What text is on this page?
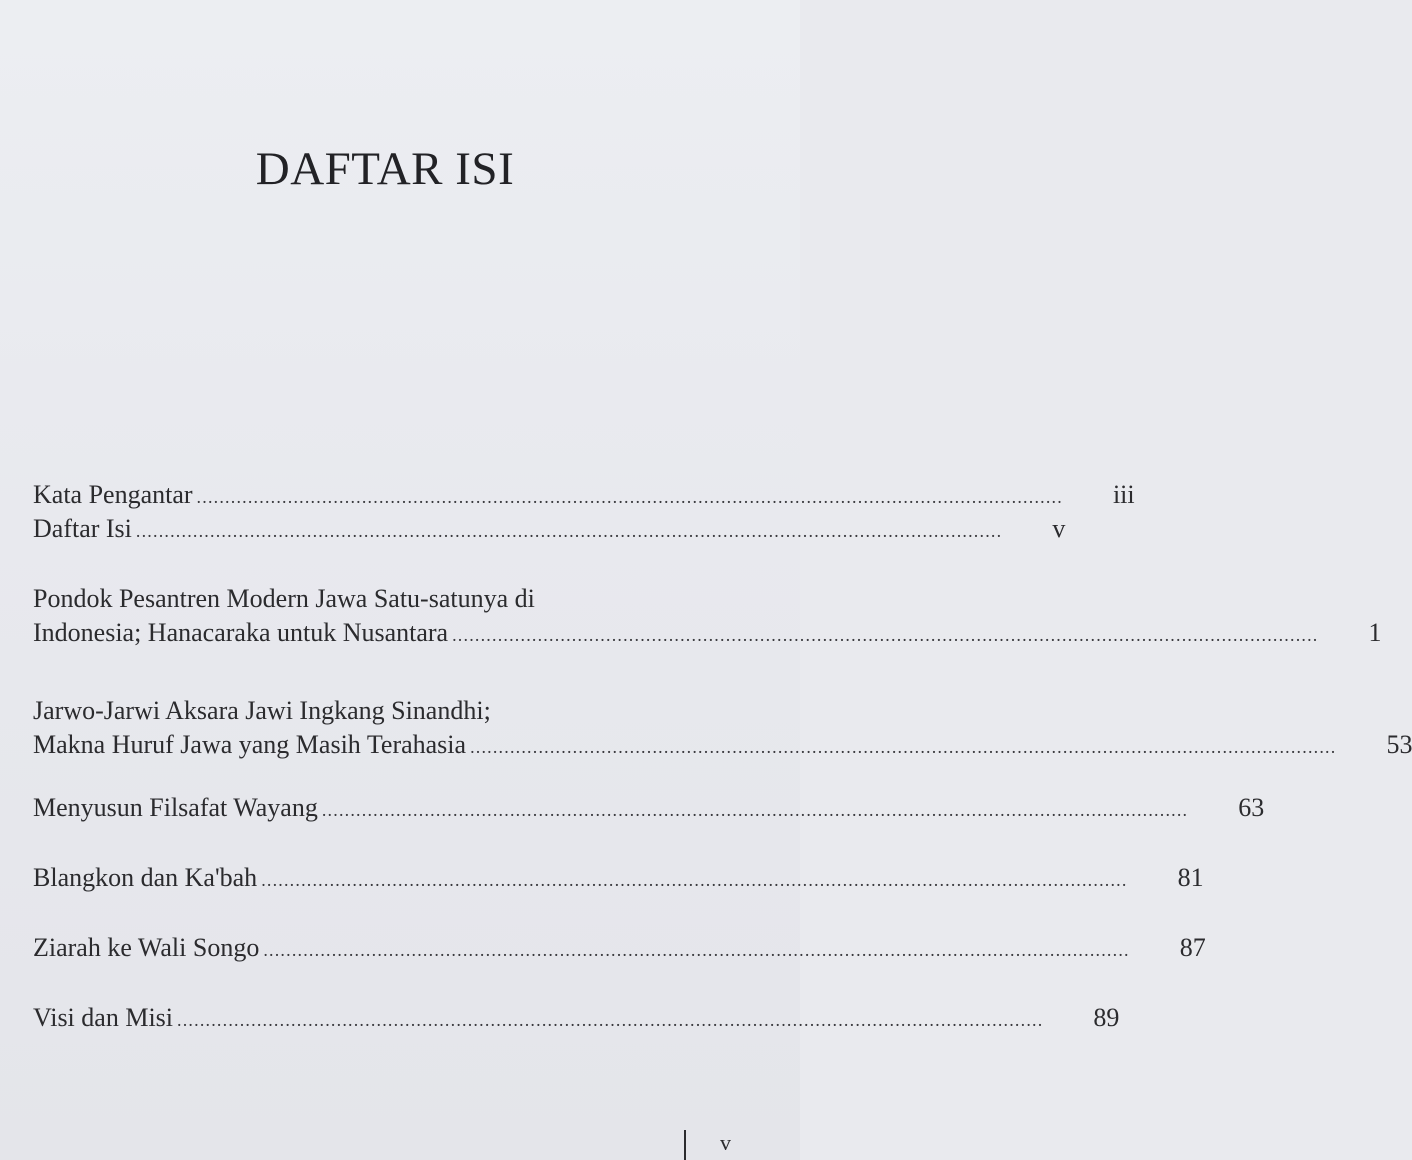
DAFTAR ISI
Kata Pengantar .....	iii
Daftar Isi .....	v
Pondok Pesantren Modern Jawa Satu-satunya di
Indonesia; Hanacaraka untuk Nusantara .....	1
Jarwo-Jarwi Aksara Jawi Ingkang Sinandhi;
Makna Huruf Jawa yang Masih Terahasia .....	53
Menyusun Filsafat Wayang .....	63
Blangkon dan Ka'bah .....	81
Ziarah ke Wali Songo .....	87
Visi dan Misi .....	89
v
